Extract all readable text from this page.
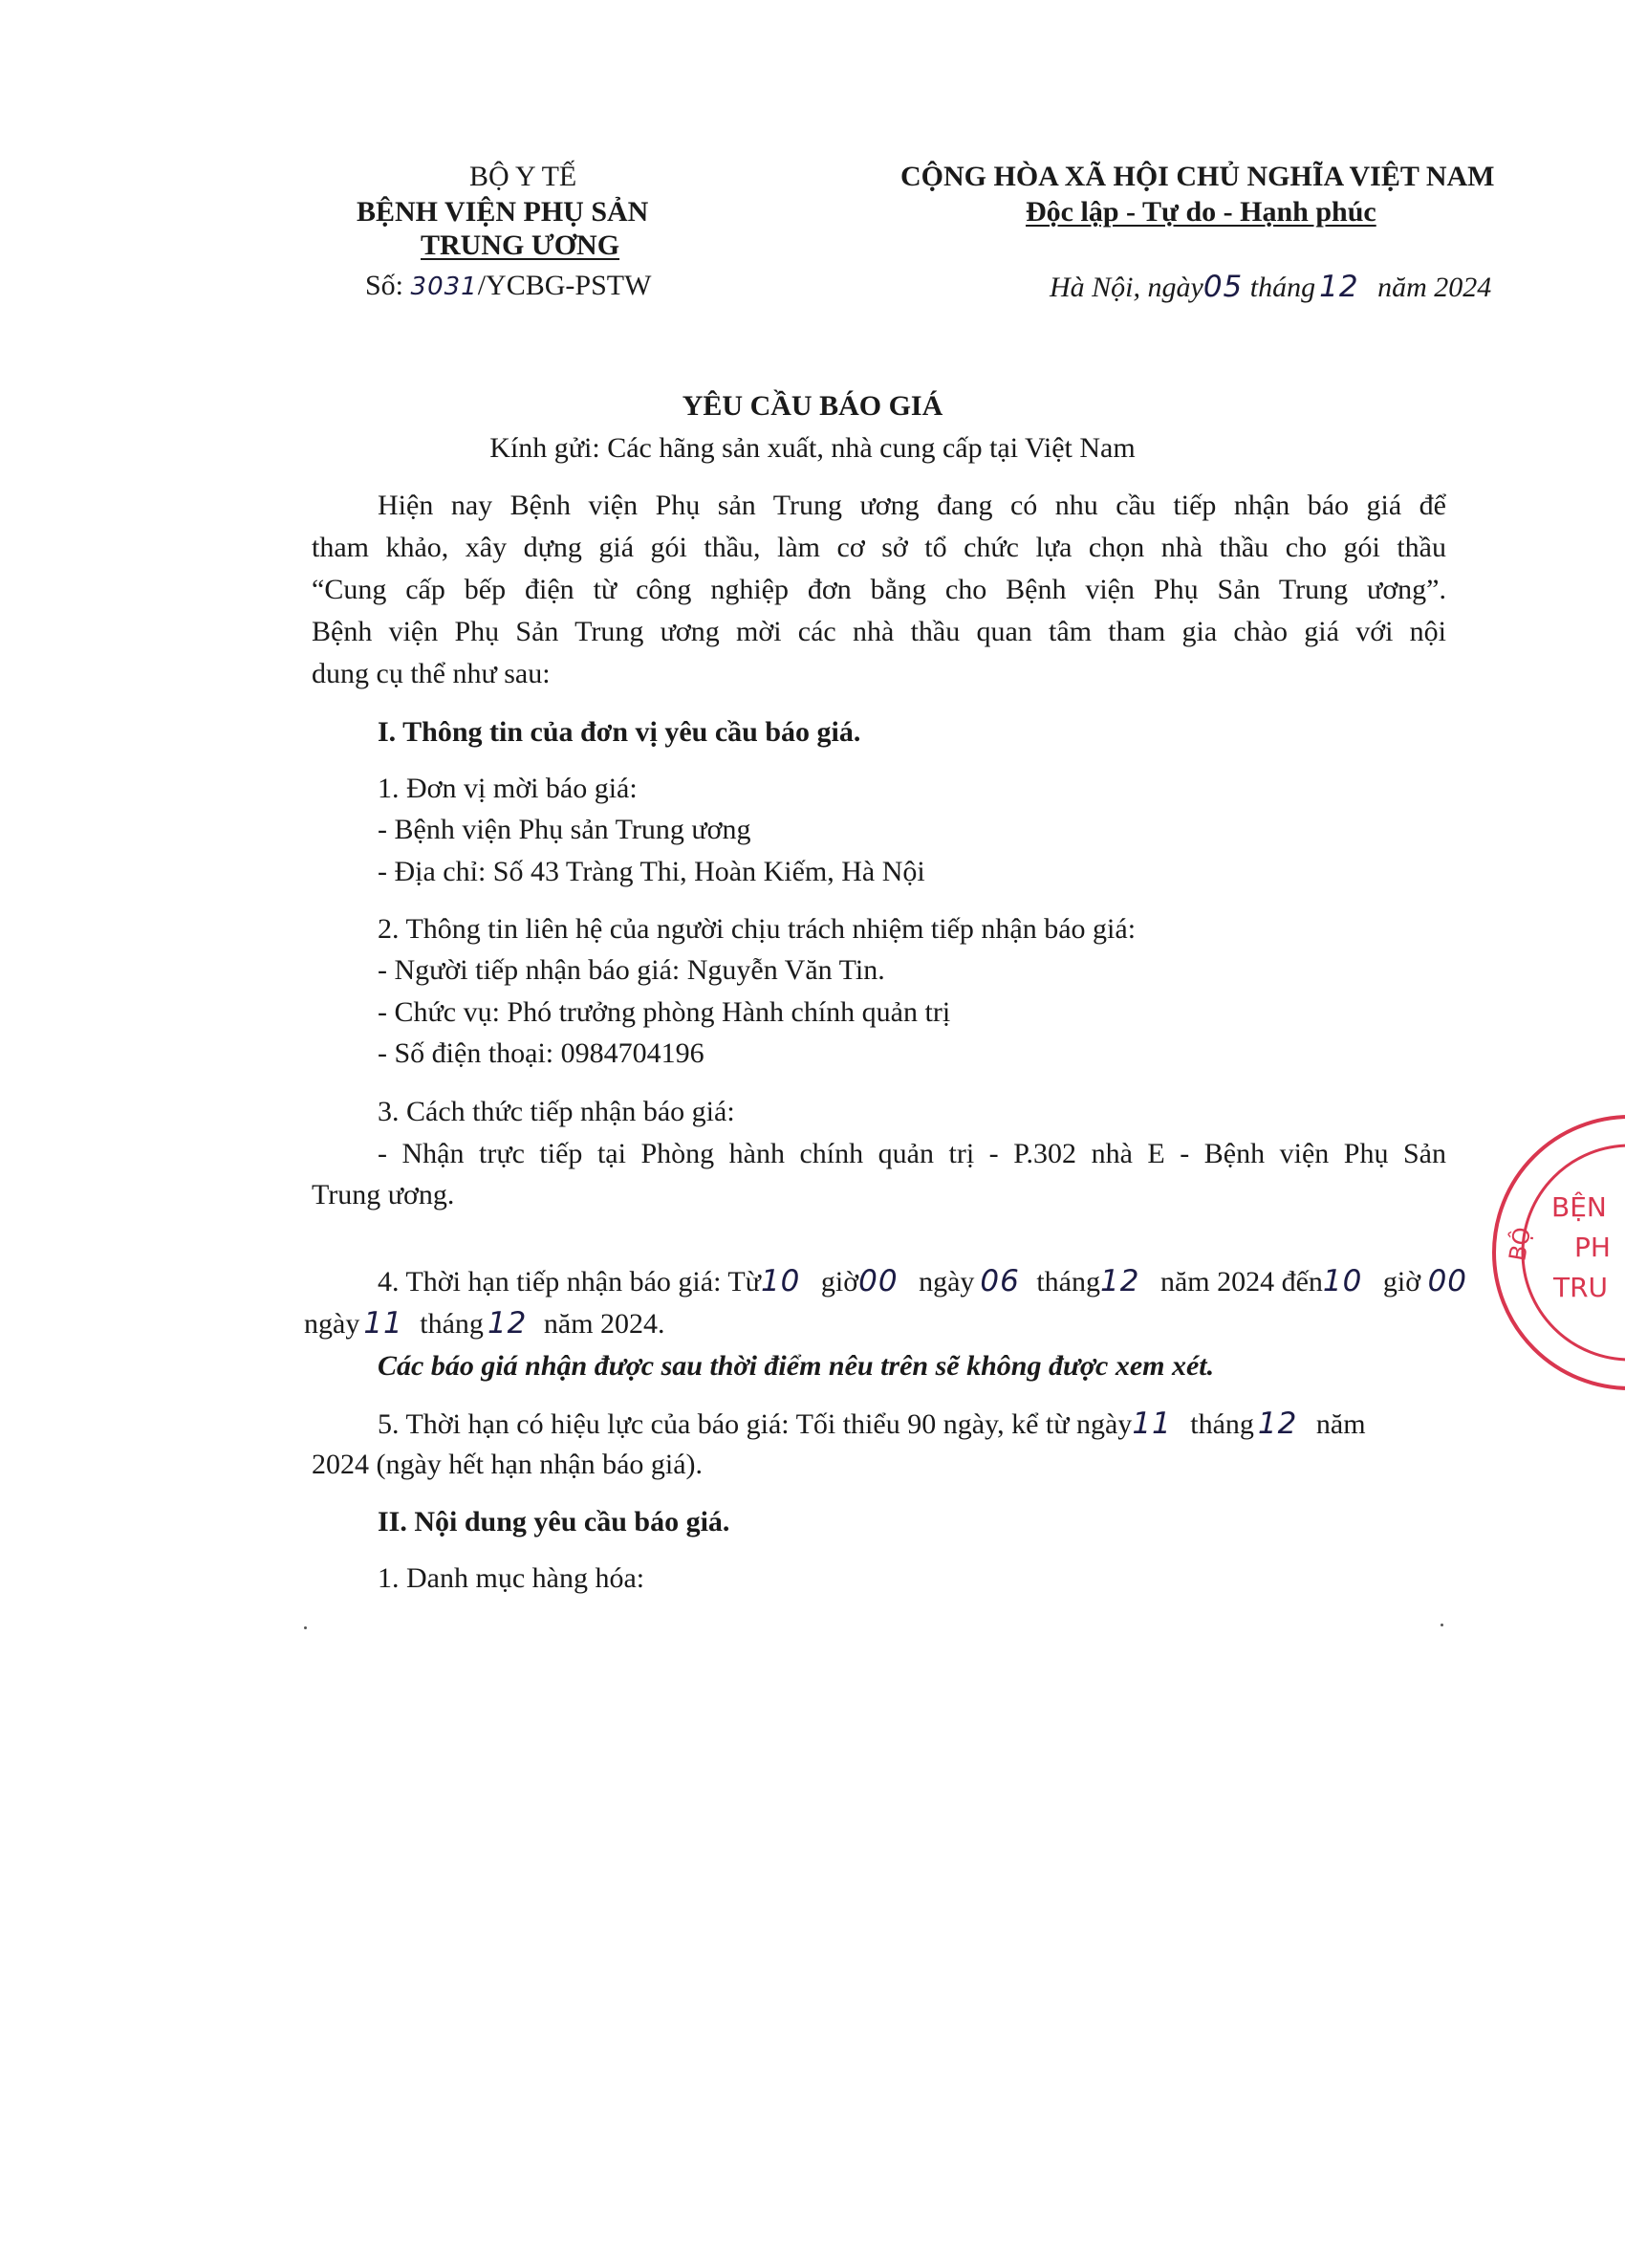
BỘ Y TẾ
BỆNH VIỆN PHỤ SẢN
TRUNG ƯƠNG
Số: 3031/YCBG-PSTW
CỘNG HÒA XÃ HỘI CHỦ NGHĨA VIỆT NAM
Độc lập - Tự do - Hạnh phúc
Hà Nội, ngày05 tháng 12 năm 2024
YÊU CẦU BÁO GIÁ
Kính gửi: Các hãng sản xuất, nhà cung cấp tại Việt Nam
Hiện nay Bệnh viện Phụ sản Trung ương đang có nhu cầu tiếp nhận báo giá để
tham khảo, xây dựng giá gói thầu, làm cơ sở tổ chức lựa chọn nhà thầu cho gói thầu
“Cung cấp bếp điện từ công nghiệp đơn bằng cho Bệnh viện Phụ Sản Trung ương”.
Bệnh viện Phụ Sản Trung ương mời các nhà thầu quan tâm tham gia chào giá với nội
dung cụ thể như sau:
I. Thông tin của đơn vị yêu cầu báo giá.
1. Đơn vị mời báo giá:
- Bệnh viện Phụ sản Trung ương
- Địa chỉ: Số 43 Tràng Thi, Hoàn Kiếm, Hà Nội
2. Thông tin liên hệ của người chịu trách nhiệm tiếp nhận báo giá:
- Người tiếp nhận báo giá: Nguyễn Văn Tin.
- Chức vụ: Phó trưởng phòng Hành chính quản trị
- Số điện thoại: 0984704196
3. Cách thức tiếp nhận báo giá:
- Nhận trực tiếp tại Phòng hành chính quản trị - P.302 nhà E - Bệnh viện Phụ Sản
Trung ương.
4. Thời hạn tiếp nhận báo giá: Từ10 giờ00 ngày 06 tháng12 năm 2024 đến10 giờ 00
ngày 11 tháng 12 năm 2024.
Các báo giá nhận được sau thời điểm nêu trên sẽ không được xem xét.
5. Thời hạn có hiệu lực của báo giá: Tối thiểu 90 ngày, kể từ ngày11 tháng 12 năm
2024 (ngày hết hạn nhận báo giá).
II. Nội dung yêu cầu báo giá.
1. Danh mục hàng hóa:
BỘ
BỆN
PH
TRU
